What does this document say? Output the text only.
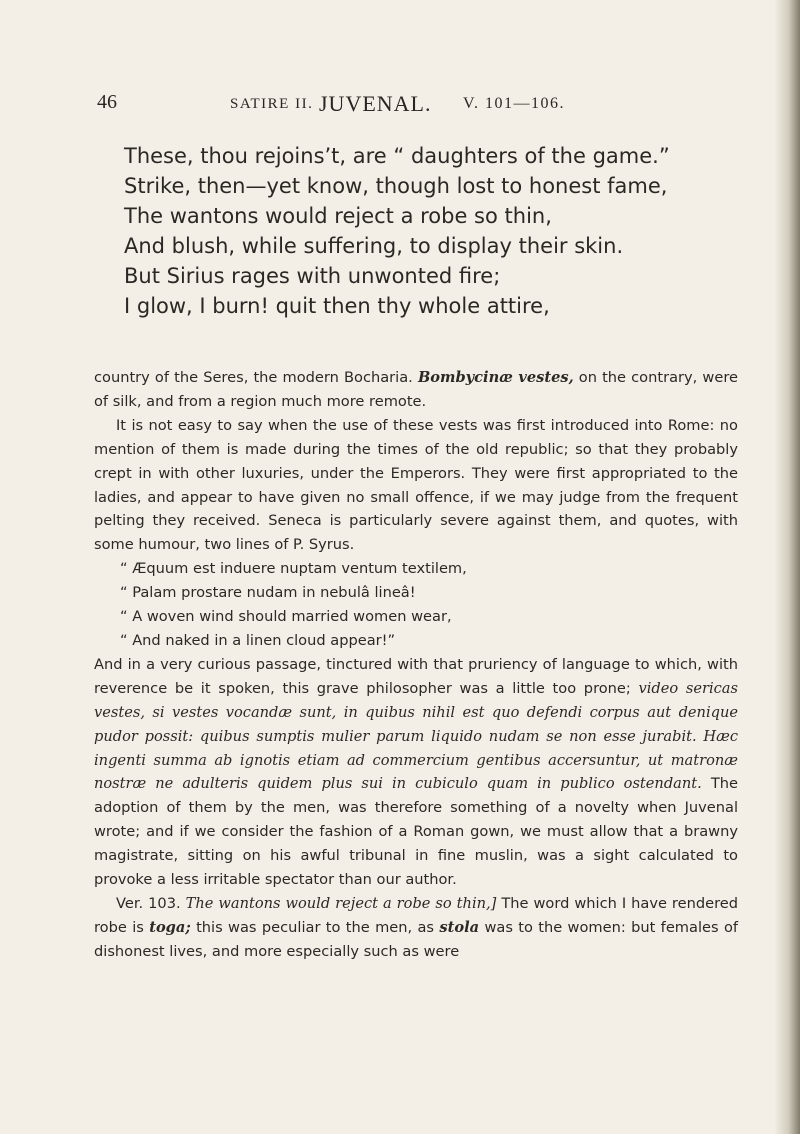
46	SATIRE II. JUVENAL. V. 101—106.
These, thou rejoins’t, are “ daughters of the game.”
Strike, then—yet know, though lost to honest fame,
The wantons would reject a robe so thin,
And blush, while suffering, to display their skin.
But Sirius rages with unwonted fire;
I glow, I burn! quit then thy whole attire,

country of the Seres, the modern Bocharia. Bombycinæ vestes, on the contrary, were of silk, and from a region much more remote.

It is not easy to say when the use of these vests was first introduced into Rome: no mention of them is made during the times of the old republic; so that they probably crept in with other luxuries, under the Emperors. They were first appropriated to the ladies, and appear to have given no small offence, if we may judge from the frequent pelting they received. Seneca is particularly severe against them, and quotes, with some humour, two lines of P. Syrus.

“ Æquum est induere nuptam ventum textilem,

“ Palam prostare nudam in nebulâ lineâ!

“ A woven wind should married women wear,

“ And naked in a linen cloud appear!”

And in a very curious passage, tinctured with that pruriency of language to which, with reverence be it spoken, this grave philosopher was a little too prone; video sericas vestes, si vestes vocandæ sunt, in quibus nihil est quo defendi corpus aut denique pudor possit: quibus sumptis mulier parum liquido nudam se non esse jurabit. Hæc ingenti summa ab ignotis etiam ad commercium gentibus accersuntur, ut matronæ nostræ ne adulteris quidem plus sui in cubiculo quam in publico ostendant. The adoption of them by the men, was therefore something of a novelty when Juvenal wrote; and if we consider the fashion of a Roman gown, we must allow that a brawny magistrate, sitting on his awful tribunal in fine muslin, was a sight calculated to provoke a less irritable spectator than our author.

Ver. 103. The wantons would reject a robe so thin,] The word which I have rendered robe is toga; this was peculiar to the men, as stola was to the women: but females of dishonest lives, and more especially such as were
